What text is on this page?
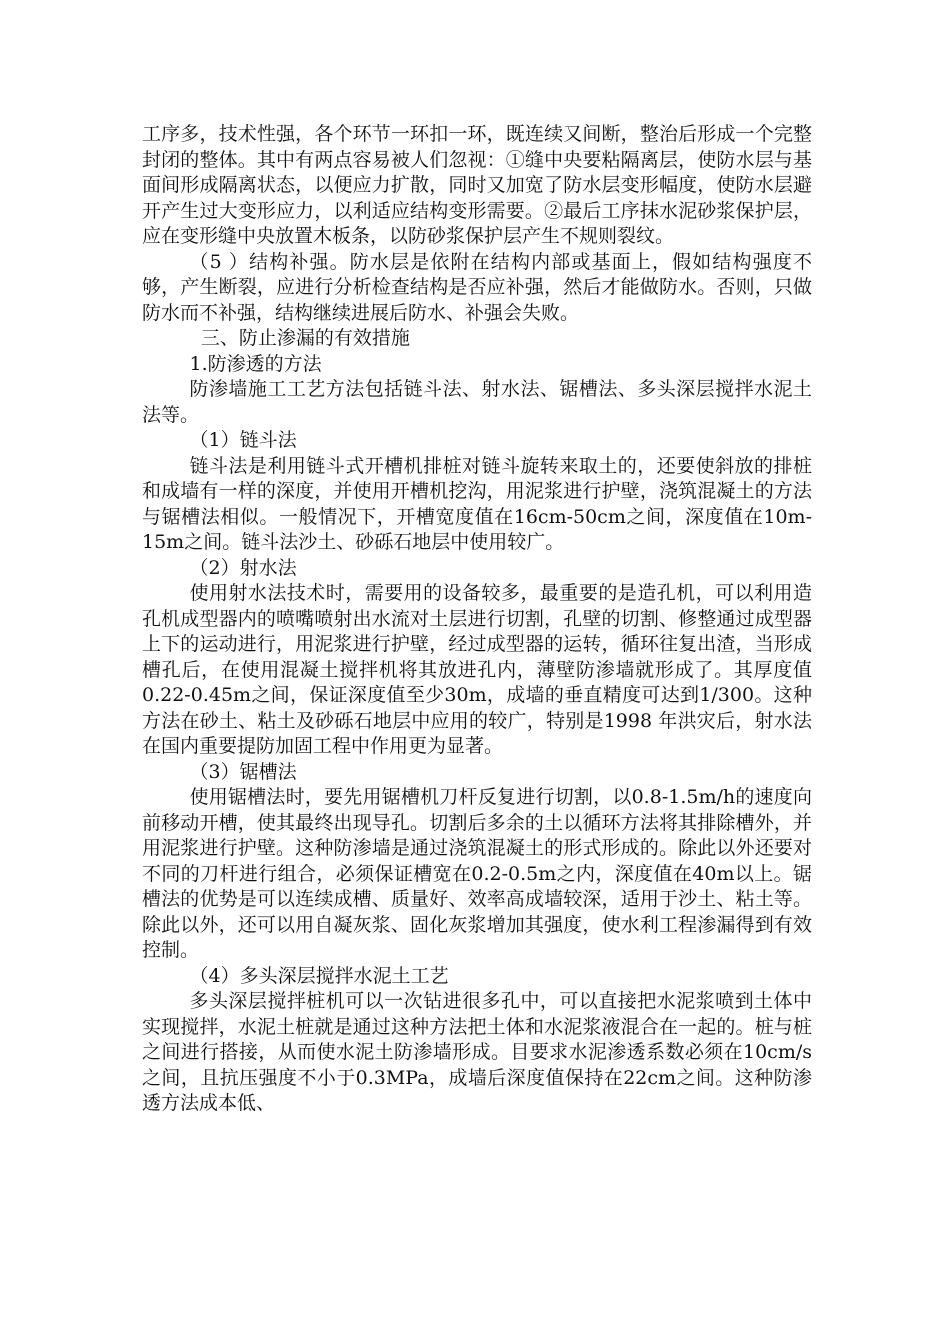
工序多，技术性强，各个环节一环扣一环，既连续又间断，整治后形成一个完整封闭的整体。其中有两点容易被人们忽视：①缝中央要粘隔离层，使防水层与基面间形成隔离状态，以便应力扩散，同时又加宽了防水层变形幅度，使防水层避开产生过大变形应力，以利适应结构变形需要。②最后工序抹水泥砂浆保护层，应在变形缝中央放置木板条，以防砂浆保护层产生不规则裂纹。

（5 ）结构补强。防水层是依附在结构内部或基面上，假如结构强度不够，产生断裂，应进行分析检查结构是否应补强，然后才能做防水。否则，只做防水而不补强，结构继续进展后防水、补强会失败。

三、防止渗漏的有效措施

1.防渗透的方法

防渗墙施工工艺方法包括链斗法、射水法、锯槽法、多头深层搅拌水泥土法等。

（1）链斗法

链斗法是利用链斗式开槽机排桩对链斗旋转来取土的，还要使斜放的排桩和成墙有一样的深度，并使用开槽机挖沟，用泥浆进行护壁，浇筑混凝土的方法与锯槽法相似。一般情况下，开槽宽度值在16cm-50cm之间，深度值在10m-15m之间。链斗法沙土、砂砾石地层中使用较广。

（2）射水法

使用射水法技术时，需要用的设备较多，最重要的是造孔机，可以利用造孔机成型器内的喷嘴喷射出水流对土层进行切割，孔壁的切割、修整通过成型器上下的运动进行，用泥浆进行护壁，经过成型器的运转，循环往复出渣，当形成槽孔后，在使用混凝土搅拌机将其放进孔内，薄壁防渗墙就形成了。其厚度值0.22-0.45m之间，保证深度值至少30m，成墙的垂直精度可达到1/300。这种方法在砂土、粘土及砂砾石地层中应用的较广，特别是1998 年洪灾后，射水法在国内重要提防加固工程中作用更为显著。

（3）锯槽法

使用锯槽法时，要先用锯槽机刀杆反复进行切割，以0.8-1.5m/h的速度向前移动开槽，使其最终出现导孔。切割后多余的土以循环方法将其排除槽外，并用泥浆进行护壁。这种防渗墙是通过浇筑混凝土的形式形成的。除此以外还要对不同的刀杆进行组合，必须保证槽宽在0.2-0.5m之内，深度值在40m以上。锯槽法的优势是可以连续成槽、质量好、效率高成墙较深，适用于沙土、粘土等。除此以外，还可以用自凝灰浆、固化灰浆增加其强度，使水利工程渗漏得到有效控制。

（4）多头深层搅拌水泥土工艺

多头深层搅拌桩机可以一次钻进很多孔中，可以直接把水泥浆喷到土体中实现搅拌，水泥土桩就是通过这种方法把土体和水泥浆液混合在一起的。桩与桩之间进行搭接，从而使水泥土防渗墙形成。目要求水泥渗透系数必须在10cm/s之间，且抗压强度不小于0.3MPa，成墙后深度值保持在22cm之间。这种防渗透方法成本低、
